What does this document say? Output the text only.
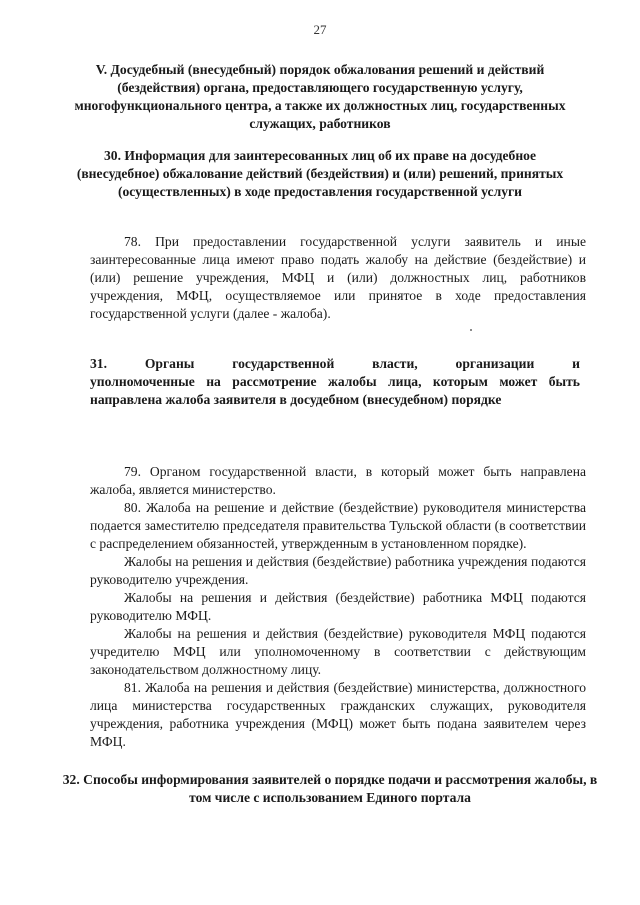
27

V. Досудебный (внесудебный) порядок обжалования решений и действий (бездействия) органа, предоставляющего государственную услугу, многофункционального центра, а также их должностных лиц, государственных служащих, работников

30. Информация для заинтересованных лиц об их праве на досудебное (внесудебное) обжалование действий (бездействия) и (или) решений, принятых (осуществленных) в ходе предоставления государственной услуги

78. При предоставлении государственной услуги заявитель и иные заинтересованные лица имеют право подать жалобу на действие (бездействие) и (или) решение учреждения, МФЦ и (или) должностных лиц, работников учреждения, МФЦ, осуществляемое или принятое в ходе предоставления государственной услуги (далее - жалоба).

31. Органы государственной власти, организации и
уполномоченные на рассмотрение жалобы лица, которым может быть
направлена жалоба заявителя в досудебном (внесудебном) порядке

79. Органом государственной власти, в который может быть направлена жалоба, является министерство.

80. Жалоба на решение и действие (бездействие) руководителя министерства подается заместителю председателя правительства Тульской области (в соответствии с распределением обязанностей, утвержденным в установленном порядке).

Жалобы на решения и действия (бездействие) работника учреждения подаются руководителю учреждения.

Жалобы на решения и действия (бездействие) работника МФЦ подаются руководителю МФЦ.

Жалобы на решения и действия (бездействие) руководителя МФЦ подаются учредителю МФЦ или уполномоченному в соответствии с действующим законодательством должностному лицу.

81. Жалоба на решения и действия (бездействие) министерства, должностного лица министерства государственных гражданских служащих, руководителя учреждения, работника учреждения (МФЦ) может быть подана заявителем через МФЦ.

32. Способы информирования заявителей о порядке подачи и рассмотрения жалобы, в том числе с использованием Единого портала
